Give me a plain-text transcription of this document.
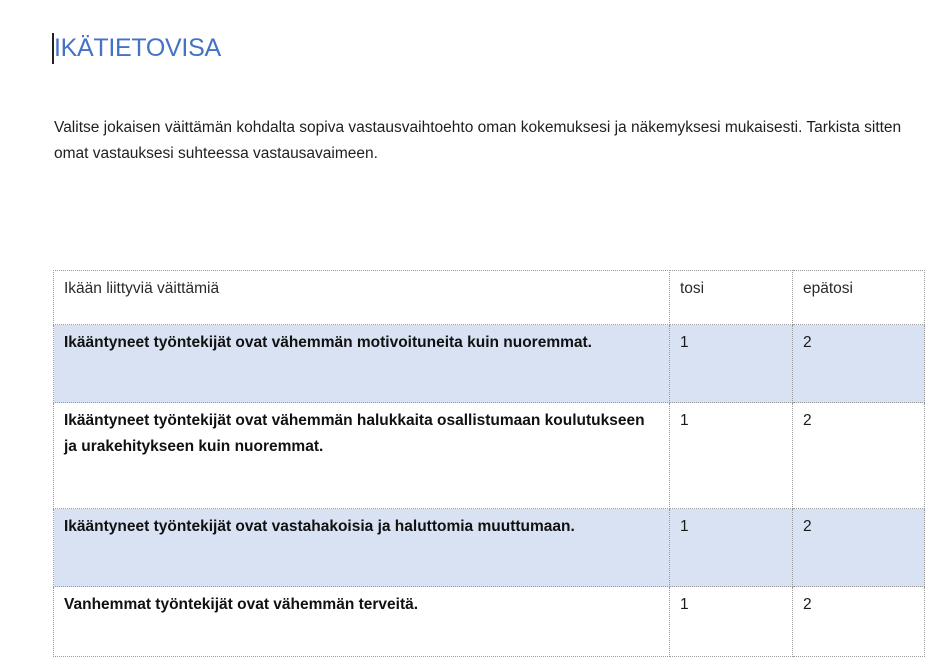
IKÄTIETOVISA

Valitse jokaisen väittämän kohdalta sopiva vastausvaihtoehto oman kokemuksesi ja näkemyksesi mukaisesti. Tarkista sitten omat vastauksesi suhteessa vastausavaimeen.

Ikään liittyviä väittämiä	tosi	epätosi
Ikääntyneet työntekijät ovat vähemmän motivoituneita kuin nuoremmat.	1	2
Ikääntyneet työntekijät ovat vähemmän halukkaita osallistumaan koulutukseen ja urakehitykseen kuin nuoremmat.	1	2
Ikääntyneet työntekijät ovat vastahakoisia ja haluttomia muuttumaan.	1	2
Vanhemmat työntekijät ovat vähemmän terveitä.	1	2
